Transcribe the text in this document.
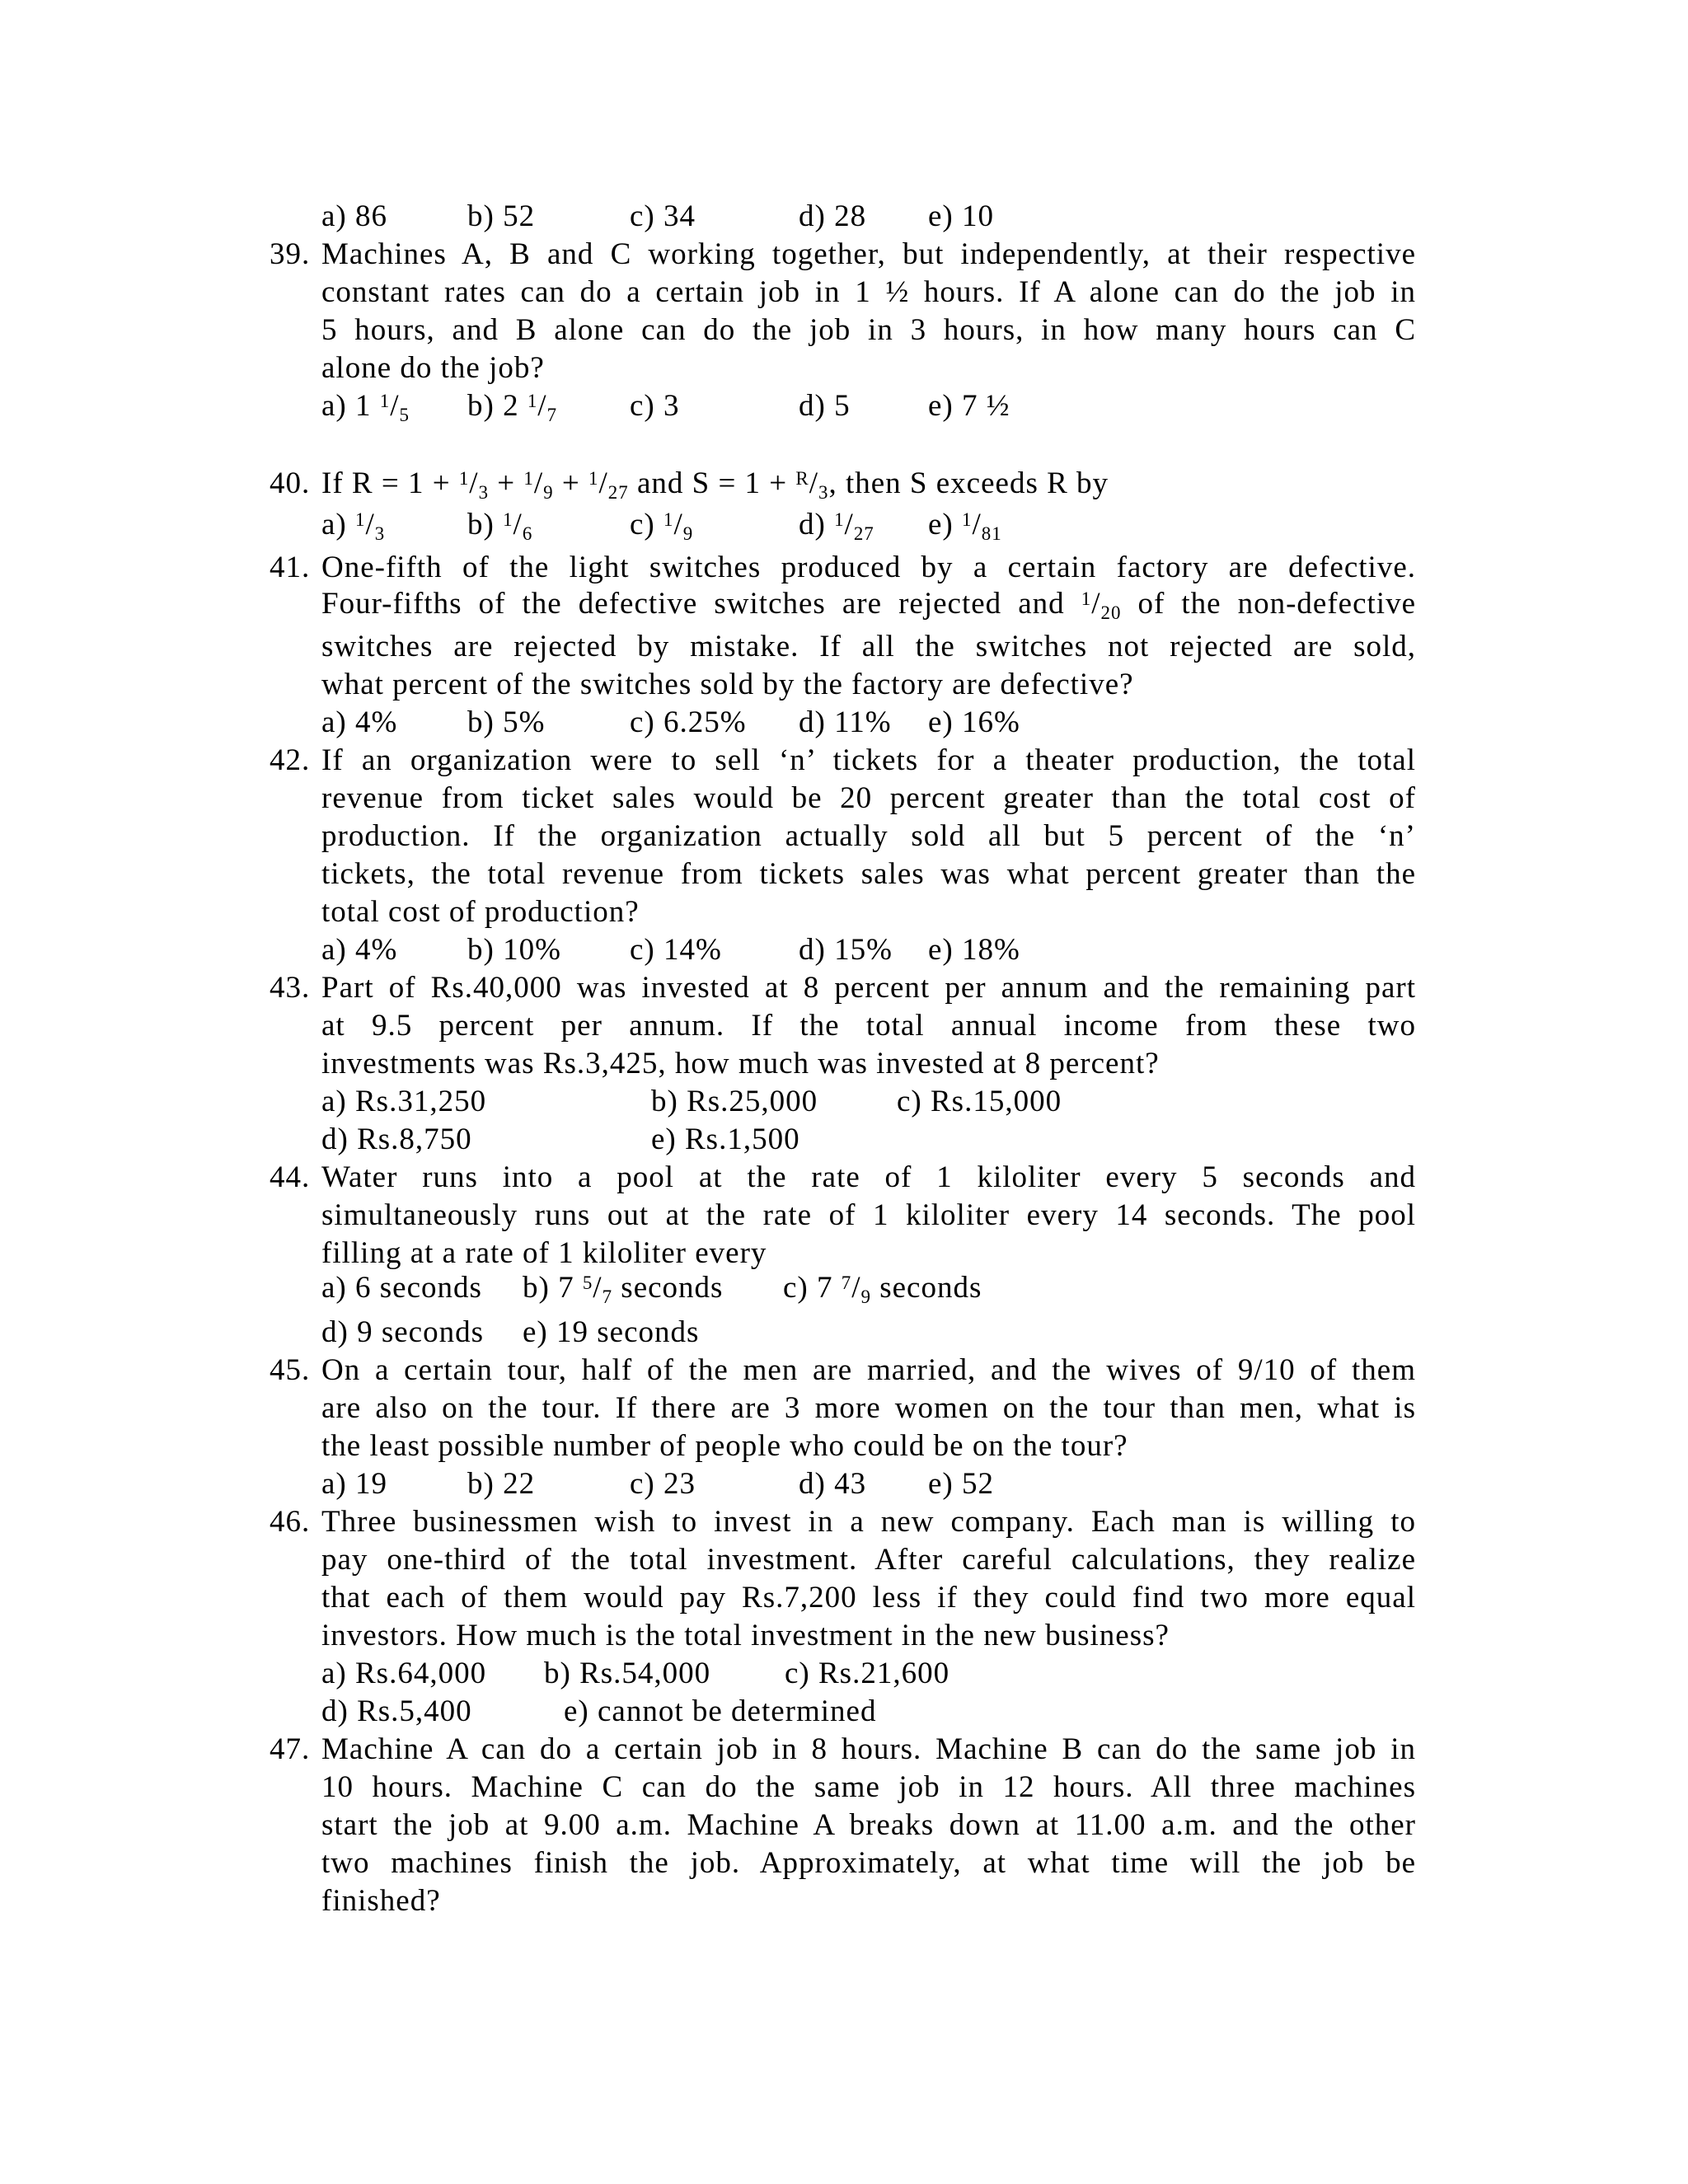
a) 86	b) 52	c) 34	d) 28 e) 10
39. Machines A, B and C working together, but independently, at their respective
constant rates can do a certain job in 1 ½ hours. If A alone can do the job in
5 hours, and B alone can do the job in 3 hours, in how many hours can C
alone do the job?
a) 1 $^1/_5$ b) 2 $^1/_7$ c) 3	d) 5	e) 7 ½
40. If $R = 1 + ^1/_3 + ^1/_9 + ^1/_{27}$ and $S = 1 + ^R/_3$, then S exceeds R by
a) $^1/_3$	b) $^1/_6$	c) $^1/_9$	d) $^1/_{27}$ e) $^1/_{81}$
41. One-fifth of the light switches produced by a certain factory are defective.
Four-fifths of the defective switches are rejected and $^1/_{20}$ of the non-defective
switches are rejected by mistake. If all the switches not rejected are sold,
what percent of the switches sold by the factory are defective?
a) 4% b) 5%	c) 6.25% d) 11% e) 16%
42. If an organization were to sell ‘n’ tickets for a theater production, the total
revenue from ticket sales would be 20 percent greater than the total cost of
production. If the organization actually sold all but 5 percent of the ‘n’
tickets, the total revenue from tickets sales was what percent greater than the
total cost of production?
a) 4% b) 10% c) 14%	d) 15% e) 18%
43. Part of Rs.40,000 was invested at 8 percent per annum and the remaining part
at 9.5 percent per annum. If the total annual income from these two
investments was Rs.3,425, how much was invested at 8 percent?
a) Rs.31,250	b) Rs.25,000	c) Rs.15,000
d) Rs.8,750	e) Rs.1,500
44. Water runs into a pool at the rate of 1 kiloliter every 5 seconds and
simultaneously runs out at the rate of 1 kiloliter every 14 seconds. The pool
filling at a rate of 1 kiloliter every
a) 6 seconds b) 7 $^5/_7$ seconds c) 7 $^7/_9$ seconds
d) 9 seconds e) 19 seconds
45. On a certain tour, half of the men are married, and the wives of 9/10 of them
are also on the tour. If there are 3 more women on the tour than men, what is
the least possible number of people who could be on the tour?
a) 19	b) 22	c) 23	d) 43 e) 52
46. Three businessmen wish to invest in a new company. Each man is willing to
pay one-third of the total investment. After careful calculations, they realize
that each of them would pay Rs.7,200 less if they could find two more equal
investors. How much is the total investment in the new business?
a) Rs.64,000 b) Rs.54,000 c) Rs.21,600
d) Rs.5,400	e) cannot be determined
47. Machine A can do a certain job in 8 hours. Machine B can do the same job in
10 hours. Machine C can do the same job in 12 hours. All three machines
start the job at 9.00 a.m. Machine A breaks down at 11.00 a.m. and the other
two machines finish the job. Approximately, at what time will the job be
finished?
